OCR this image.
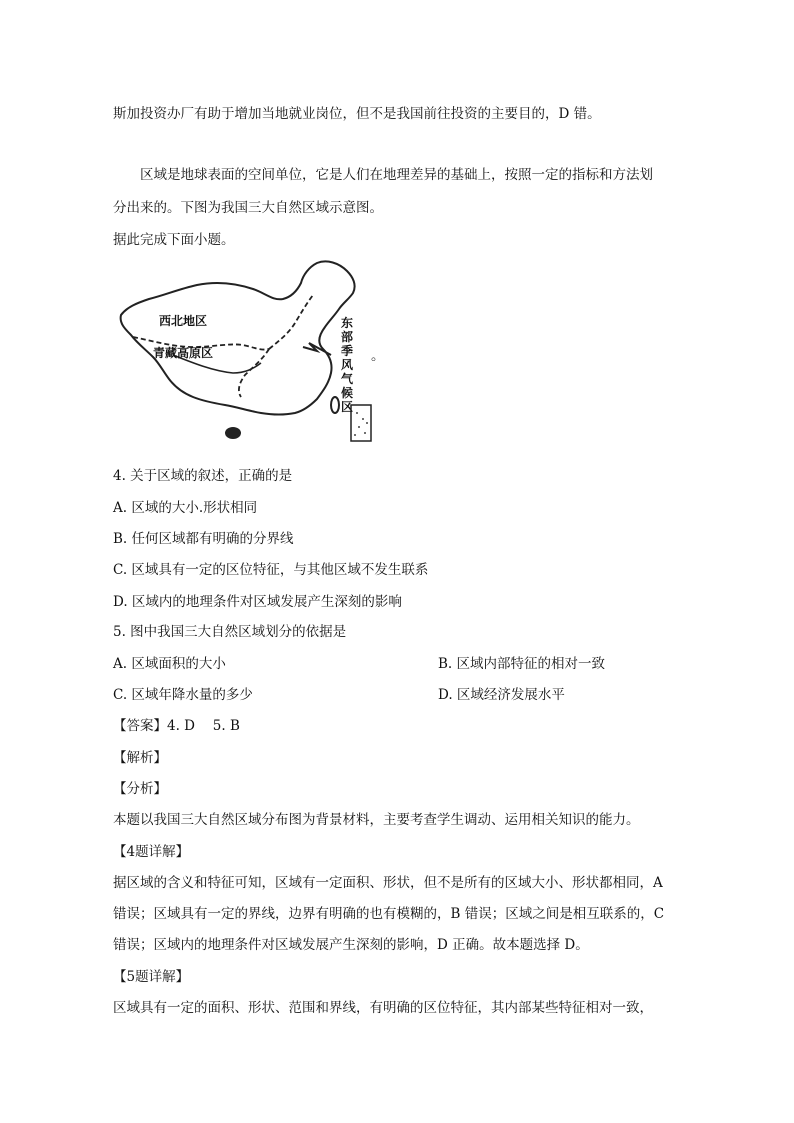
斯加投资办厂有助于增加当地就业岗位，但不是我国前往投资的主要目的，D 错。
区域是地球表面的空间单位，它是人们在地理差异的基础上，按照一定的指标和方法划
分出来的。下图为我国三大自然区域示意图。
据此完成下面小题。
西北地区
青藏高原区
东
部
季
风
气
候
区
。
4. 关于区域的叙述，正确的是
A. 区域的大小.形状相同
B. 任何区域都有明确的分界线
C. 区域具有一定的区位特征，与其他区域不发生联系
D. 区域内的地理条件对区域发展产生深刻的影响
5. 图中我国三大自然区域划分的依据是
A. 区域面积的大小	B. 区域内部特征的相对一致
C. 区域年降水量的多少	D. 区域经济发展水平
【答案】4. D　 5. B
【解析】
【分析】
本题以我国三大自然区域分布图为背景材料，主要考查学生调动、运用相关知识的能力。
【4题详解】
据区域的含义和特征可知，区域有一定面积、形状，但不是所有的区域大小、形状都相同，A
错误；区域具有一定的界线，边界有明确的也有模糊的，B 错误；区域之间是相互联系的，C
错误；区域内的地理条件对区域发展产生深刻的影响，D 正确。故本题选择 D。
【5题详解】
区域具有一定的面积、形状、范围和界线，有明确的区位特征，其内部某些特征相对一致，
